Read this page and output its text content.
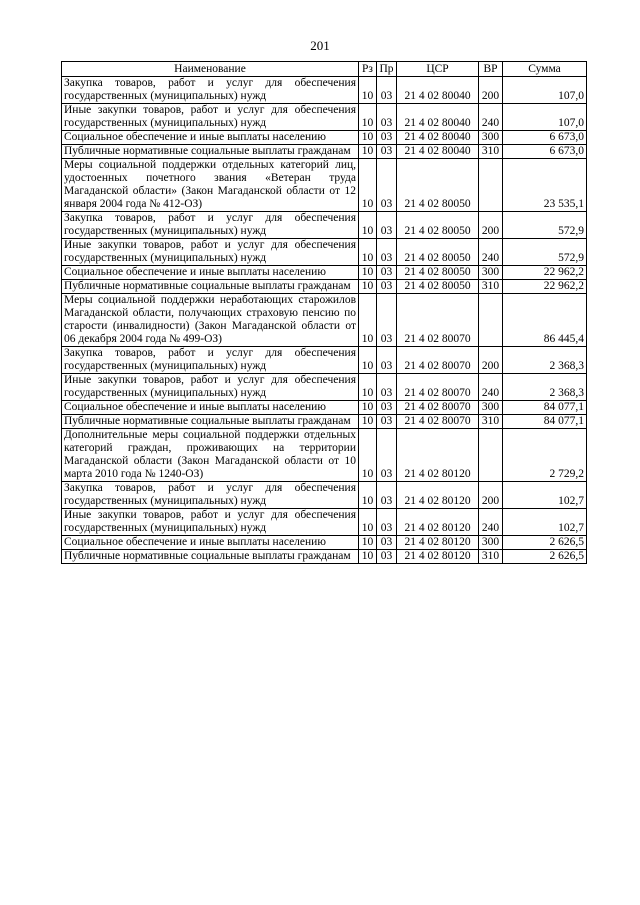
201
Наименование	Рз	Пр	ЦСР	ВР	Сумма
Закупка товаров, работ и услуг для обеспечения государственных (муниципальных) нужд	10	03	21 4 02 80040	200	107,0
Иные закупки товаров, работ и услуг для обеспечения государственных (муниципальных) нужд	10	03	21 4 02 80040	240	107,0
Социальное обеспечение и иные выплаты населению	10	03	21 4 02 80040	300	6 673,0
Публичные нормативные социальные выплаты гражданам	10	03	21 4 02 80040	310	6 673,0
Меры социальной поддержки отдельных категорий лиц, удостоенных почетного звания «Ветеран труда Магаданской области» (Закон Магаданской области от 12 января 2004 года № 412-ОЗ)	10	03	21 4 02 80050		23 535,1
Закупка товаров, работ и услуг для обеспечения государственных (муниципальных) нужд	10	03	21 4 02 80050	200	572,9
Иные закупки товаров, работ и услуг для обеспечения государственных (муниципальных) нужд	10	03	21 4 02 80050	240	572,9
Социальное обеспечение и иные выплаты населению	10	03	21 4 02 80050	300	22 962,2
Публичные нормативные социальные выплаты гражданам	10	03	21 4 02 80050	310	22 962,2
Меры социальной поддержки неработающих старожилов Магаданской области, получающих страховую пенсию по старости (инвалидности) (Закон Магаданской области от 06 декабря 2004 года № 499-ОЗ)	10	03	21 4 02 80070		86 445,4
Закупка товаров, работ и услуг для обеспечения государственных (муниципальных) нужд	10	03	21 4 02 80070	200	2 368,3
Иные закупки товаров, работ и услуг для обеспечения государственных (муниципальных) нужд	10	03	21 4 02 80070	240	2 368,3
Социальное обеспечение и иные выплаты населению	10	03	21 4 02 80070	300	84 077,1
Публичные нормативные социальные выплаты гражданам	10	03	21 4 02 80070	310	84 077,1
Дополнительные меры социальной поддержки отдельных категорий граждан, проживающих на территории Магаданской области (Закон Магаданской области от 10 марта 2010 года № 1240-ОЗ)	10	03	21 4 02 80120		2 729,2
Закупка товаров, работ и услуг для обеспечения государственных (муниципальных) нужд	10	03	21 4 02 80120	200	102,7
Иные закупки товаров, работ и услуг для обеспечения государственных (муниципальных) нужд	10	03	21 4 02 80120	240	102,7
Социальное обеспечение и иные выплаты населению	10	03	21 4 02 80120	300	2 626,5
Публичные нормативные социальные выплаты гражданам	10	03	21 4 02 80120	310	2 626,5
